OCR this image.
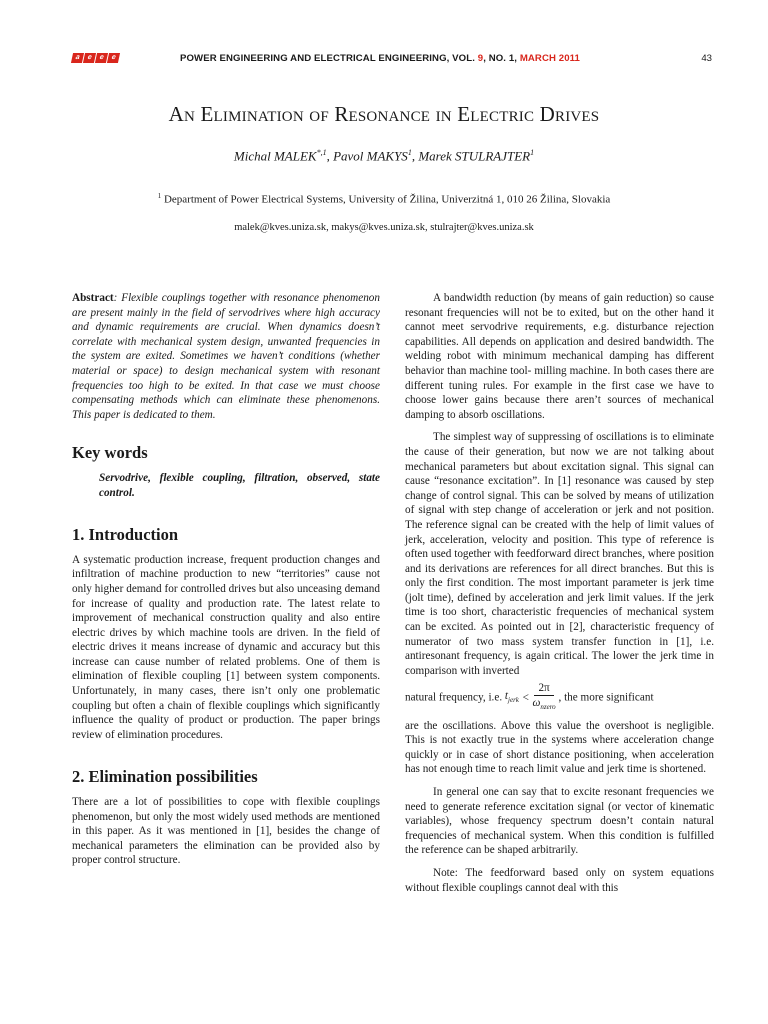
a e e e	POWER ENGINEERING AND ELECTRICAL ENGINEERING, VOL. 9, NO. 1, MARCH 2011	43
An Elimination of Resonance in Electric Drives
Michal $MALEK^{*,1}$, Pavol MAKYS$^1$, Marek STULRAJTER$^1$
$^1$ Department of Power Electrical Systems, University of Žilina, Univerzitná 1, 010 26 Žilina, Slovakia
malek@kves.uniza.sk, makys@kves.uniza.sk, stulrajter@kves.uniza.sk

Abstract: Flexible couplings together with resonance phenomenon are present mainly in the field of servodrives where high accuracy and dynamic requirements are crucial. When dynamics doesn’t correlate with mechanical system design, unwanted frequencies in the system are exited. Sometimes we haven’t conditions (whether material or space) to design mechanical system with resonant frequencies too high to be exited. In that case we must choose compensating methods which can eliminate these phenomenons. This paper is dedicated to them.

Key words

Servodrive, flexible coupling, filtration, observed, state control.

1. Introduction

A systematic production increase, frequent production changes and infiltration of machine production to new “territories” cause not only higher demand for controlled drives but also unceasing demand for increase of quality and production rate. The latest relate to improvement of mechanical construction quality and also entire electric drives by which machine tools are driven. In the field of electric drives it means increase of dynamic and accuracy but this increase can cause number of related problems. One of them is elimination of flexible coupling [1] between system components. Unfortunately, in many cases, there isn’t only one problematic coupling but often a chain of flexible couplings which significantly influence the quality of product or production. The paper brings review of elimination procedures.

2. Elimination possibilities

There are a lot of possibilities to cope with flexible couplings phenomenon, but only the most widely used methods are mentioned in this paper. As it was mentioned in [1], besides the change of mechanical parameters the elimination can be provided also by proper control structure.

A bandwidth reduction (by means of gain reduction) so cause resonant frequencies will not be to exited, but on the other hand it cannot meet servodrive requirements, e.g. disturbance rejection capabilities. All depends on application and desired bandwidth. The welding robot with minimum mechanical damping has different behavior than machine tool- milling machine. In both cases there are different tuning rules. For example in the first case we have to choose lower gains because there aren’t sources of mechanical damping to absorb oscillations.

The simplest way of suppressing of oscillations is to eliminate the cause of their generation, but now we are not talking about mechanical parameters but about excitation signal. This signal can cause “resonance excitation”. In [1] resonance was caused by step change of control signal. This can be solved by means of utilization of signal with step change of acceleration or jerk and not position. The reference signal can be created with the help of limit values of jerk, acceleration, velocity and position. This type of reference is often used together with feedforward direct branches, where position and its derivations are references for all direct branches. But this is only the first condition. The most important parameter is jerk time (jolt time), defined by acceleration and jerk limit values. If the jerk time is too short, characteristic frequencies of mechanical system can be excited. As pointed out in [2], characteristic frequency of numerator of two mass system transfer function in [1], i.e. antiresonant frequency, is again critical. The lower the jerk time in comparison with inverted

natural frequency, i.e. $t_{jerk} < \frac{2\pi}{\omega_{nzero}}$ , the more significant

are the oscillations. Above this value the overshoot is negligible. This is not exactly true in the systems where acceleration change quickly or in case of short distance positioning, when acceleration has not enough time to reach limit value and jerk time is shortened.

In general one can say that to excite resonant frequencies we need to generate reference excitation signal (or vector of kinematic variables), whose frequency spectrum doesn’t contain natural frequencies of mechanical system. When this condition is fulfilled the reference can be shaped arbitrarily.

Note: The feedforward based only on system equations without flexible couplings cannot deal with this
